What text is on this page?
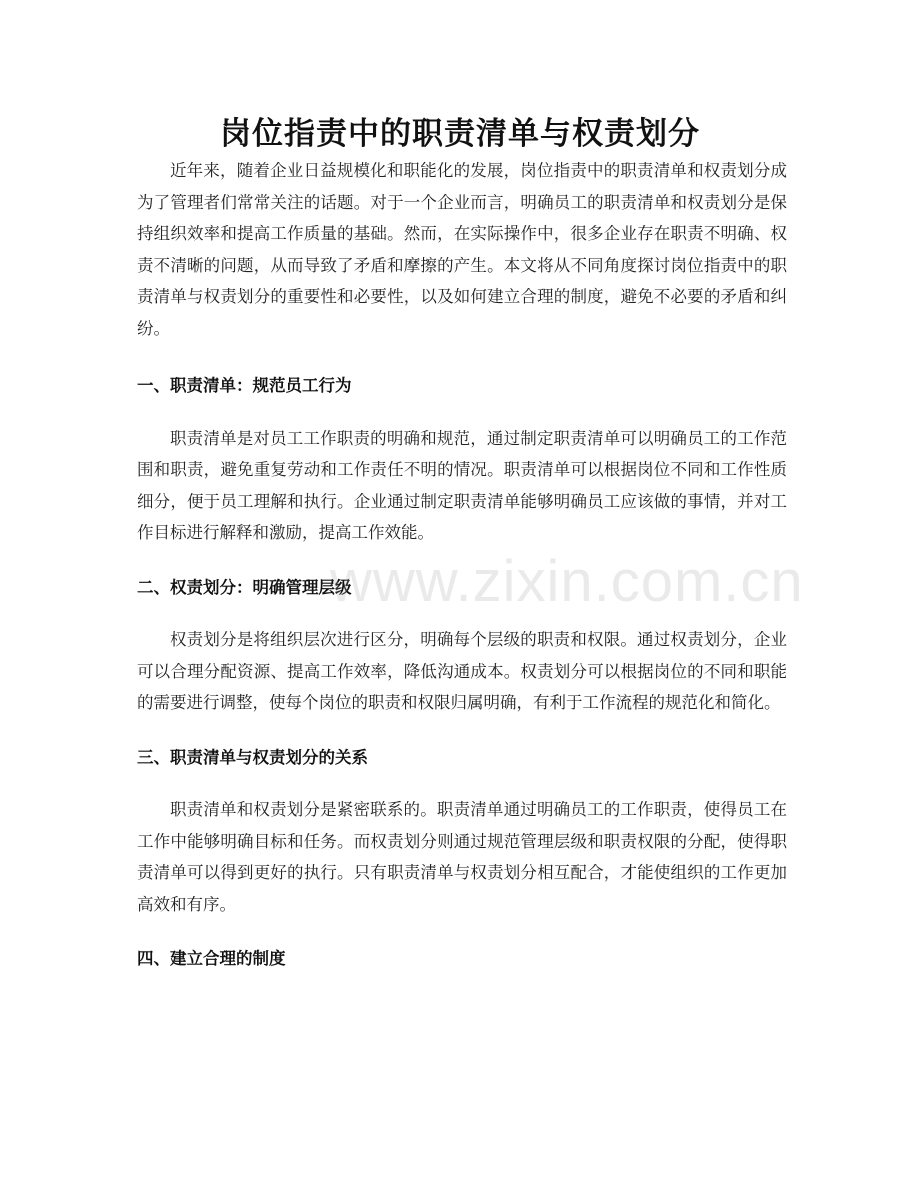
岗位指责中的职责清单与权责划分

近年来，随着企业日益规模化和职能化的发展，岗位指责中的职责清单和权责划分成为了管理者们常常关注的话题。对于一个企业而言，明确员工的职责清单和权责划分是保持组织效率和提高工作质量的基础。然而，在实际操作中，很多企业存在职责不明确、权责不清晰的问题，从而导致了矛盾和摩擦的产生。本文将从不同角度探讨岗位指责中的职责清单与权责划分的重要性和必要性，以及如何建立合理的制度，避免不必要的矛盾和纠纷。

一、职责清单：规范员工行为

职责清单是对员工工作职责的明确和规范，通过制定职责清单可以明确员工的工作范围和职责，避免重复劳动和工作责任不明的情况。职责清单可以根据岗位不同和工作性质细分，便于员工理解和执行。企业通过制定职责清单能够明确员工应该做的事情，并对工作目标进行解释和激励，提高工作效能。

二、权责划分：明确管理层级

权责划分是将组织层次进行区分，明确每个层级的职责和权限。通过权责划分，企业可以合理分配资源、提高工作效率，降低沟通成本。权责划分可以根据岗位的不同和职能的需要进行调整，使每个岗位的职责和权限归属明确，有利于工作流程的规范化和简化。

三、职责清单与权责划分的关系

职责清单和权责划分是紧密联系的。职责清单通过明确员工的工作职责，使得员工在工作中能够明确目标和任务。而权责划分则通过规范管理层级和职责权限的分配，使得职责清单可以得到更好的执行。只有职责清单与权责划分相互配合，才能使组织的工作更加高效和有序。

四、建立合理的制度
www.zixin.com.cn
